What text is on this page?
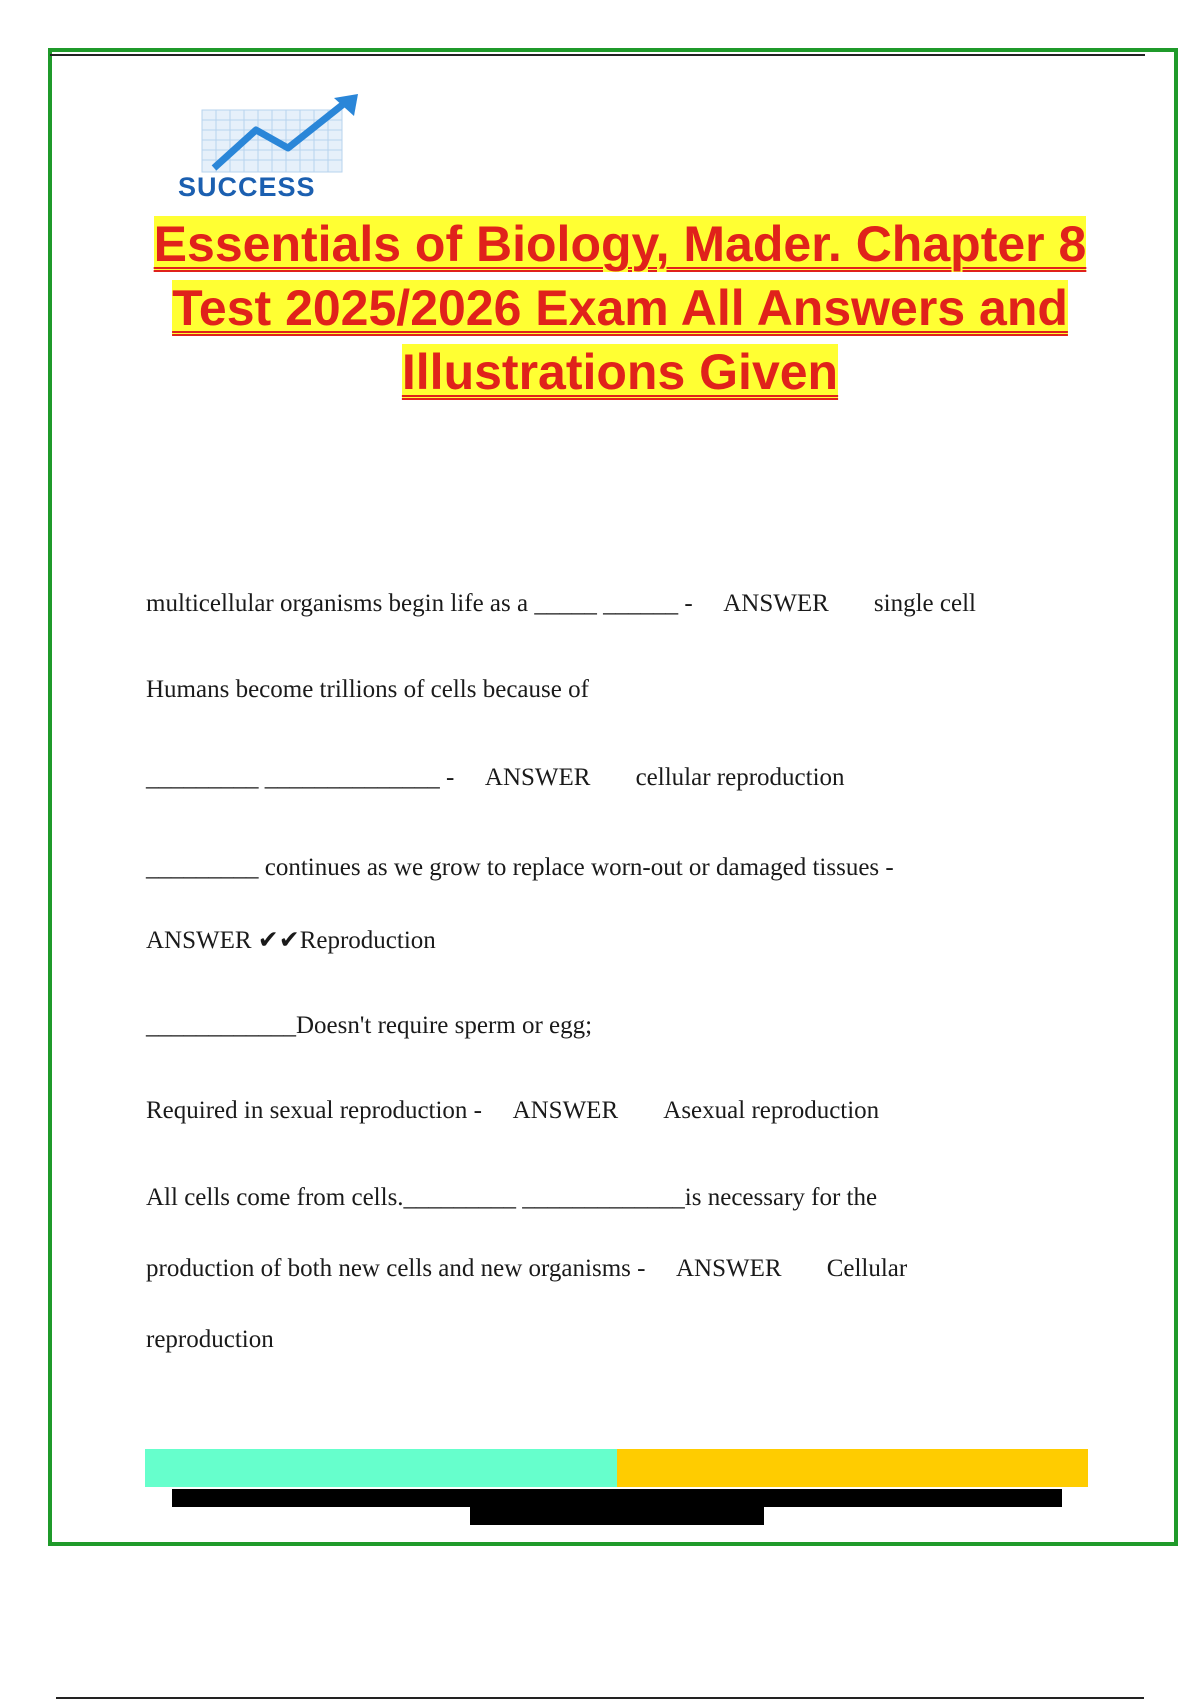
SUCCESS
Essentials of Biology, Mader. Chapter 8
Test 2025/2026 Exam All Answers and
Illustrations Given
multicellular organisms begin life as a _____ ______ -   ANSWER ✔✔single cell
Humans become trillions of cells because of
_________ ______________ -   ANSWER ✔✔cellular reproduction
_________ continues as we grow to replace worn-out or damaged tissues -  
ANSWER ✔✔Reproduction
____________Doesn't require sperm or egg;
Required in sexual reproduction -   ANSWER ✔✔Asexual reproduction
All cells come from cells._________ _____________is necessary for the
production of both new cells and new organisms -   ANSWER ✔✔Cellular
reproduction
